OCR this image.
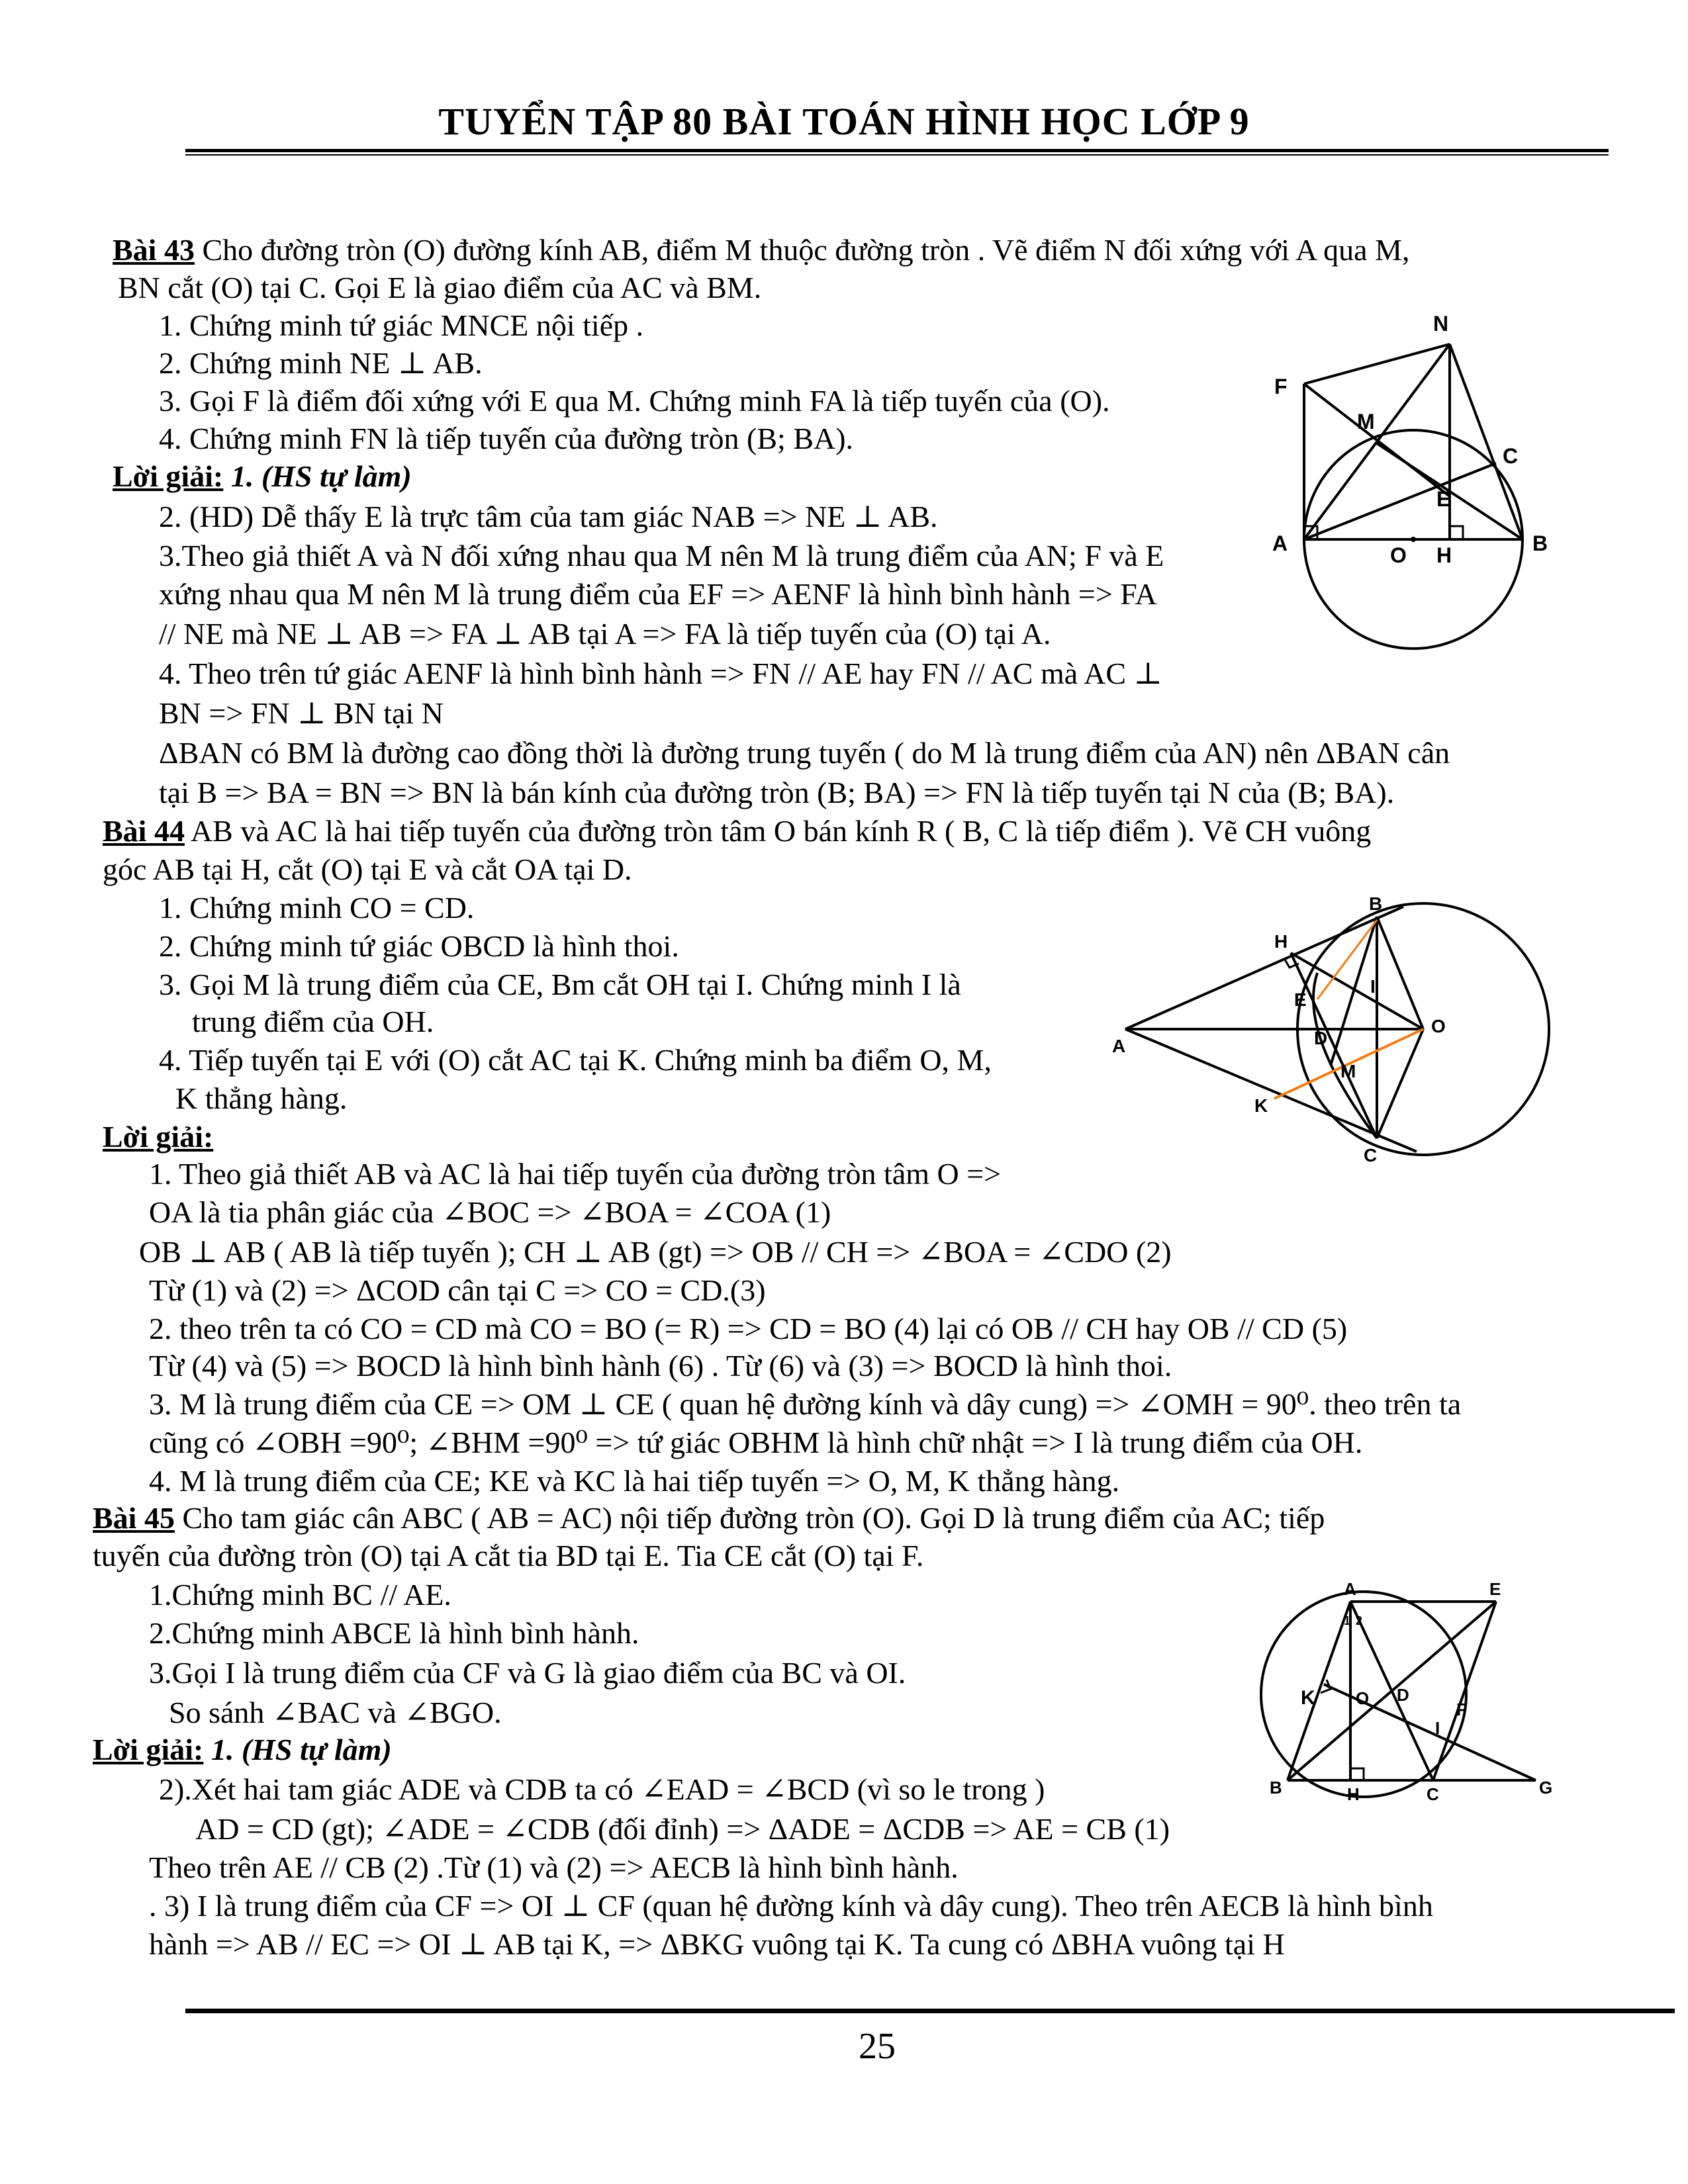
TUYỂN TẬP 80 BÀI TOÁN HÌNH HỌC LỚP 9
Bài 43 Cho đường tròn (O) đường kính AB, điểm M thuộc đường tròn . Vẽ điểm N đối xứng với A qua M,
BN cắt (O) tại C. Gọi E là giao điểm của AC và BM.
1. Chứng minh tứ giác MNCE nội tiếp .
2. Chứng minh NE ⊥ AB.
3. Gọi F là điểm đối xứng với E qua M. Chứng minh FA là tiếp tuyến của (O).
4. Chứng minh FN là tiếp tuyến của đường tròn (B; BA).
Lời giải: 1. (HS tự làm)
2. (HD) Dễ thấy E là trực tâm của tam giác NAB => NE ⊥ AB.
3.Theo giả thiết A và N đối xứng nhau qua M nên M là trung điểm của AN; F và E
xứng nhau qua M nên M là trung điểm của EF => AENF là hình bình hành => FA
// NE mà NE ⊥ AB => FA ⊥ AB tại A => FA là tiếp tuyến của (O) tại A.
4. Theo trên tứ giác AENF là hình bình hành => FN // AE hay FN // AC mà AC ⊥
BN => FN ⊥ BN tại N
ΔBAN có BM là đường cao đồng thời là đường trung tuyến ( do M là trung điểm của AN) nên ΔBAN cân
tại B => BA = BN => BN là bán kính của đường tròn (B; BA) => FN là tiếp tuyến tại N của (B; BA).
N
F
M
C
E
A	O H	B
Bài 44 AB và AC là hai tiếp tuyến của đường tròn tâm O bán kính R ( B, C là tiếp điểm ). Vẽ CH vuông
góc AB tại H, cắt (O) tại E và cắt OA tại D.
1. Chứng minh CO = CD.
2. Chứng minh tứ giác OBCD là hình thoi.
3. Gọi M là trung điểm của CE, Bm cắt OH tại I. Chứng minh I là
trung điểm của OH.
4. Tiếp tuyến tại E với (O) cắt AC tại K. Chứng minh ba điểm O, M,
K thẳng hàng.
Lời giải:
1. Theo giả thiết AB và AC là hai tiếp tuyến của đường tròn tâm O =>
OA là tia phân giác của ∠BOC => ∠BOA = ∠COA (1)
OB ⊥ AB ( AB là tiếp tuyến ); CH ⊥ AB (gt) => OB // CH => ∠BOA = ∠CDO (2)
Từ (1) và (2) => ΔCOD cân tại C => CO = CD.(3)
2. theo trên ta có CO = CD mà CO = BO (= R) => CD = BO (4) lại có OB // CH hay OB // CD (5)
Từ (4) và (5) => BOCD là hình bình hành (6) . Từ (6) và (3) => BOCD là hình thoi.
3. M là trung điểm của CE => OM ⊥ CE ( quan hệ đường kính và dây cung) => ∠OMH = 90⁰. theo trên ta
cũng có ∠OBH =90⁰; ∠BHM =90⁰ => tứ giác OBHM là hình chữ nhật => I là trung điểm của OH.
4. M là trung điểm của CE; KE và KC là hai tiếp tuyến => O, M, K thẳng hàng.
B
H
E
I
A	D
O
M
K
C
Bài 45 Cho tam giác cân ABC ( AB = AC) nội tiếp đường tròn (O). Gọi D là trung điểm của AC; tiếp
tuyến của đường tròn (O) tại A cắt tia BD tại E. Tia CE cắt (O) tại F.
1.Chứng minh BC // AE.
2.Chứng minh ABCE là hình bình hành.
3.Gọi I là trung điểm của CF và G là giao điểm của BC và OI.
So sánh ∠BAC và ∠BGO.
Lời giải: 1. (HS tự làm)
2).Xét hai tam giác ADE và CDB ta có ∠EAD = ∠BCD (vì so le trong )
AD = CD (gt); ∠ADE = ∠CDB (đối đỉnh) => ΔADE = ΔCDB => AE = CB (1)
Theo trên AE // CB (2) .Từ (1) và (2) => AECB là hình bình hành.
. 3) I là trung điểm của CF => OI ⊥ CF (quan hệ đường kính và dây cung). Theo trên AECB là hình bình
hành => AB // EC => OI ⊥ AB tại K, => ΔBKG vuông tại K. Ta cung có ΔBHA vuông tại H
A	E
K O D
F
I
B	H	C	G
1 2
25
